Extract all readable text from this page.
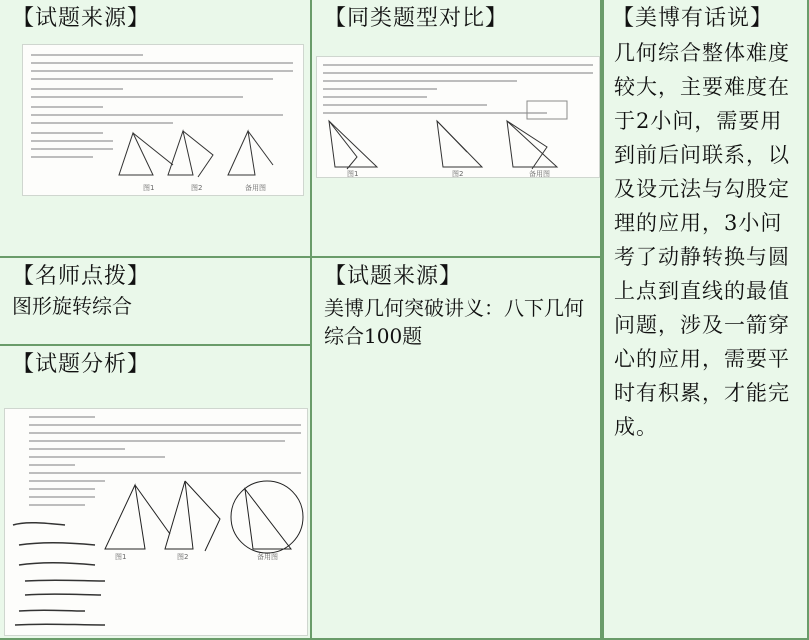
【试题来源】
图1	图2	备用图
【同类题型对比】
图1	图2	备用图
【美博有话说】
几何综合整体难度较大，主要难度在于2小问，需要用到前后问联系，以及设元法与勾股定理的应用，3小问考了动静转换与圆上点到直线的最值问题，涉及一箭穿心的应用，需要平时有积累，才能完成。
【名师点拨】
图形旋转综合
【试题来源】
美博几何突破讲义：八下几何综合100题
【试题分析】
图1	图2	备用图
